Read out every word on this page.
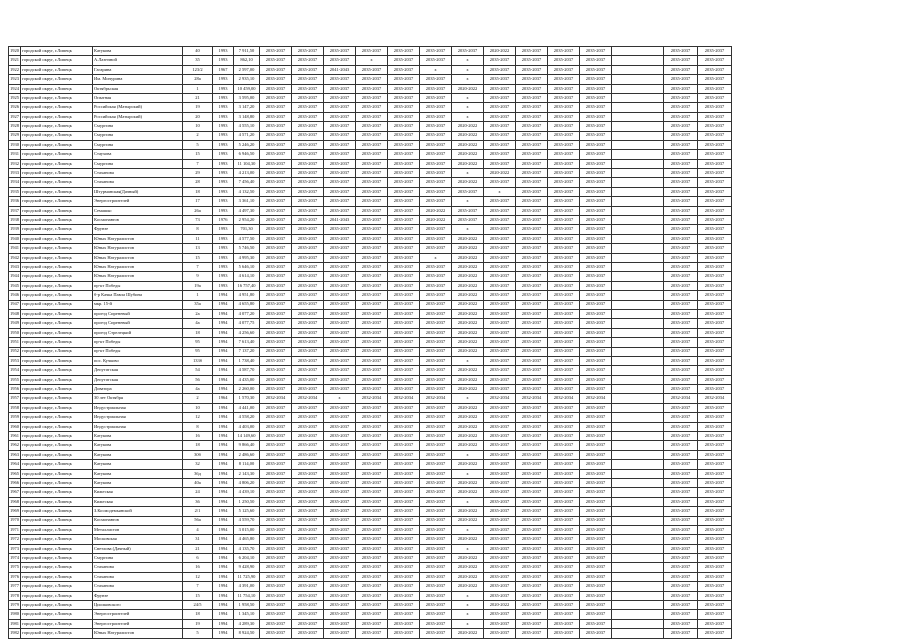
1920	городской округ, г.Липецк	Катукова	40	1993	7 911,50	2035-2037	2035-2037	2035-2037	2035-2037	2035-2037	2035-2037	2035-2037	2020-2022	2035-2037	2035-2037	2035-2037		2035-2037	2035-2037
1921	городской округ, г.Липецк	А.Лазнчной	35	1993	862,10	2035-2037	2035-2037	2035-2037	х	2035-2037	2035-2037	х	2035-2037	2035-2037	2035-2037	2035-2037		2035-2037	2035-2037
1922	городской округ, г.Липецк	Гагарина	123/2	1967	2 597,00	2035-2037	2035-2037	2041-2043	2035-2037	2035-2037	х	х	2035-2037	2035-2037	2035-2037	2035-2037		2035-2037	2035-2037
1923	городской округ, г.Липецк	Им. Мичурина	28а	1993	2 935,10	2035-2037	2035-2037	2035-2037	2035-2037	2035-2037	2035-2037	х	2035-2037	2035-2037	2035-2037	2035-2037		2035-2037	2035-2037
1924	городской округ, г.Липецк	Октябрьская	1	1993	10 459,00	2035-2037	2035-2037	2035-2037	2035-2037	2035-2037	2035-2037	2020-2022	2035-2037	2035-2037	2035-2037	2035-2037		2035-2037	2035-2037
1925	городской округ, г.Липецк	Опытная	21	1993	3 595,00	2035-2037	2035-2037	2035-2037	2035-2037	2035-2037	2035-2037	х	2035-2037	2035-2037	2035-2037	2035-2037		2035-2037	2035-2037
1926	городской округ, г.Липецк	Российская (Матырский)	19	1993	3 147,20	2035-2037	2035-2037	2035-2037	2035-2037	2035-2037	2035-2037	х	2035-2037	2035-2037	2035-2037	2035-2037		2035-2037	2035-2037
1927	городской округ, г.Липецк	Российская (Матырский)	20	1993	3 148,80	2035-2037	2035-2037	2035-2037	2035-2037	2035-2037	2035-2037	х	2035-2037	2035-2037	2035-2037	2035-2037		2035-2037	2035-2037
1928	городской округ, г.Липецк	Смургина	10	1993	4 555,10	2035-2037	2035-2037	2035-2037	2035-2037	2035-2037	2035-2037	2020-2022	2035-2037	2035-2037	2035-2037	2035-2037		2035-2037	2035-2037
1929	городской округ, г.Липецк	Смургина	2	1993	4 571,20	2035-2037	2035-2037	2035-2037	2035-2037	2035-2037	2035-2037	2020-2022	2035-2037	2035-2037	2035-2037	2035-2037		2035-2037	2035-2037
1930	городской округ, г.Липецк	Смургина	5	1993	5 246,20	2035-2037	2035-2037	2035-2037	2035-2037	2035-2037	2035-2037	2020-2022	2035-2037	2035-2037	2035-2037	2035-2037		2035-2037	2035-2037
1931	городской округ, г.Липецк	Стаухова	15	1993	6 946,50	2035-2037	2035-2037	2035-2037	2035-2037	2035-2037	2035-2037	2020-2022	2035-2037	2035-2037	2035-2037	2035-2037		2035-2037	2035-2037
1932	городской округ, г.Липецк	Смургина	7	1993	11 104,30	2035-2037	2035-2037	2035-2037	2035-2037	2035-2037	2035-2037	2020-2022	2035-2037	2035-2037	2035-2037	2035-2037		2035-2037	2035-2037
1933	городской округ, г.Липецк	Стаханова	29	1993	4 213,00	2035-2037	2035-2037	2035-2037	2035-2037	2035-2037	2035-2037	х	2020-2022	2035-2037	2035-2037	2035-2037		2035-2037	2035-2037
1934	городской округ, г.Липецк	Стаханова	28	1993	7 456,40	2035-2037	2035-2037	2035-2037	2035-2037	2035-2037	2035-2037	2020-2022	2035-2037	2035-2037	2035-2037	2035-2037		2035-2037	2035-2037
1935	городской округ, г.Липецк	Штурманская(Дачный)	18	1993	4 132,50	2035-2037	2035-2037	2035-2037	2035-2037	2035-2037	2035-2037	2035-2037	х	2035-2037	2035-2037	2035-2037		2035-2037	2035-2037
1936	городской округ, г.Липецк	Энергостроителей	17	1993	3 361,10	2035-2037	2035-2037	2035-2037	2035-2037	2035-2037	2035-2037	х	2035-2037	2035-2037	2035-2037	2035-2037		2035-2037	2035-2037
1937	городской округ, г.Липецк	Семашко	26а	1993	4 497,30	2035-2037	2035-2037	2035-2037	2035-2037	2035-2037	2020-2022	2035-2037	2035-2037	2035-2037	2035-2037	2035-2037		2035-2037	2035-2037
1938	городской округ, г.Липецк	Космонавтов	73	1976	2 954,20	2035-2037	2035-2037	2041-2043	2035-2037	2035-2037	2020-2022	2035-2037	2035-2037	2035-2037	2035-2037	2035-2037		2035-2037	2035-2037
1939	городской округ, г.Липецк	Фрунзе	8	1993	701,30	2035-2037	2035-2037	2035-2037	2035-2037	2035-2037	2035-2037	х	2035-2037	2035-2037	2035-2037	2035-2037		2035-2037	2035-2037
1940	городской округ, г.Липецк	Юных Натуралистов	11	1993	4 577,50	2035-2037	2035-2037	2035-2037	2035-2037	2035-2037	2035-2037	2020-2022	2035-2037	2035-2037	2035-2037	2035-2037		2035-2037	2035-2037
1941	городской округ, г.Липецк	Юных Натуралистов	13	1993	5 746,50	2035-2037	2035-2037	2035-2037	2035-2037	2035-2037	2035-2037	2020-2022	2035-2037	2035-2037	2035-2037	2035-2037		2035-2037	2035-2037
1942	городской округ, г.Липецк	Юных Натуралистов	15	1993	4 995,30	2035-2037	2035-2037	2035-2037	2035-2037	2035-2037	х	2020-2022	2035-2037	2035-2037	2035-2037	2035-2037		2035-2037	2035-2037
1943	городской округ, г.Липецк	Юных Натуралистов	7	1993	5 646,10	2035-2037	2035-2037	2035-2037	2035-2037	2035-2037	2035-2037	2020-2022	2035-2037	2035-2037	2035-2037	2035-2037		2035-2037	2035-2037
1944	городской округ, г.Липецк	Юных Натуралистов	9	1993	4 614,10	2035-2037	2035-2037	2035-2037	2035-2037	2035-2037	2035-2037	2020-2022	2035-2037	2035-2037	2035-2037	2035-2037		2035-2037	2035-2037
1945	городской округ, г.Липецк	пр-кт Победы	19а	1993	16 757,40	2035-2037	2035-2037	2035-2037	2035-2037	2035-2037	2035-2037	2020-2022	2035-2037	2035-2037	2035-2037	2035-2037		2035-2037	2035-2037
1946	городской округ, г.Липецк	б-р Качка Павла Шубина	1	1994	4 951,80	2035-2037	2035-2037	2035-2037	2035-2037	2035-2037	2035-2037	2020-2022	2035-2037	2035-2037	2035-2037	2035-2037		2035-2037	2035-2037
1947	городской округ, г.Липецк	мкр. 15-й	35а	1994	4 655,80	2035-2037	2035-2037	2035-2037	2035-2037	2035-2037	2035-2037	2020-2022	2035-2037	2035-2037	2035-2037	2035-2037		2035-2037	2035-2037
1948	городской округ, г.Липецк	проезд Сиреневый	2а	1994	4 077,20	2035-2037	2035-2037	2035-2037	2035-2037	2035-2037	2035-2037	2020-2022	2035-2037	2035-2037	2035-2037	2035-2037		2035-2037	2035-2037
1949	городской округ, г.Липецк	проезд Сиреневый	4а	1994	4 077,75	2035-2037	2035-2037	2035-2037	2035-2037	2035-2037	2035-2037	2020-2022	2035-2037	2035-2037	2035-2037	2035-2037		2035-2037	2035-2037
1950	городской округ, г.Липецк	проезд Стрелецкий	18	1994	4 256,60	2035-2037	2035-2037	2035-2037	2035-2037	2035-2037	2035-2037	2020-2022	2035-2037	2035-2037	2035-2037	2035-2037		2035-2037	2035-2037
1951	городской округ, г.Липецк	пр-кт Победы	95	1994	7 613,40	2035-2037	2035-2037	2035-2037	2035-2037	2035-2037	2035-2037	2020-2022	2035-2037	2035-2037	2035-2037	2035-2037		2035-2037	2035-2037
1952	городской округ, г.Липецк	пр-кт Победы	95	1994	7 137,20	2035-2037	2035-2037	2035-2037	2035-2037	2035-2037	2035-2037	2020-2022	2035-2037	2035-2037	2035-2037	2035-2037		2035-2037	2035-2037
1953	городской округ, г.Липецк	пос. Кучково	133б	1994	1 738,40	2035-2037	2035-2037	2035-2037	2035-2037	2035-2037	2035-2037	х	2035-2037	2035-2037	2035-2037	2035-2037		2035-2037	2035-2037
1954	городской округ, г.Липецк	Депутатская	54	1994	4 587,70	2035-2037	2035-2037	2035-2037	2035-2037	2035-2037	2035-2037	2020-2022	2035-2037	2035-2037	2035-2037	2035-2037		2035-2037	2035-2037
1955	городской округ, г.Липецк	Депутатская	56	1994	4 435,00	2035-2037	2035-2037	2035-2037	2035-2037	2035-2037	2035-2037	2020-2022	2035-2037	2035-2037	2035-2037	2035-2037		2035-2037	2035-2037
1956	городской округ, г.Липецк	Доватора	4а	1994	2 260,00	2035-2037	2035-2037	2035-2037	2035-2037	2035-2037	2035-2037	2020-2022	2035-2037	2035-2037	2035-2037	2035-2037		2035-2037	2035-2037
1957	городской округ, г.Липецк	30 лет Октября	2	1964	1 570,30	2032-2034	2032-2034	х	2032-2034	2032-2034	2032-2034	х	2032-2034	2032-2034	2032-2034	2032-2034		2032-2034	2032-2034
1958	городской округ, г.Липецк	Индустриальная	10	1994	4 441,00	2035-2037	2035-2037	2035-2037	2035-2037	2035-2037	2035-2037	2020-2022	2035-2037	2035-2037	2035-2037	2035-2037		2035-2037	2035-2037
1959	городской округ, г.Липецк	Индустриальная	12	1994	4 558,20	2035-2037	2035-2037	2035-2037	2035-2037	2035-2037	2035-2037	2020-2022	2035-2037	2035-2037	2035-2037	2035-2037		2035-2037	2035-2037
1960	городской округ, г.Липецк	Индустриальная	8	1994	4 403,00	2035-2037	2035-2037	2035-2037	2035-2037	2035-2037	2035-2037	2020-2022	2035-2037	2035-2037	2035-2037	2035-2037		2035-2037	2035-2037
1961	городской округ, г.Липецк	Катукова	16	1994	14 149,60	2035-2037	2035-2037	2035-2037	2035-2037	2035-2037	2035-2037	2020-2022	2035-2037	2035-2037	2035-2037	2035-2037		2035-2037	2035-2037
1962	городской округ, г.Липецк	Катукова	18	1994	9 866,40	2035-2037	2035-2037	2035-2037	2035-2037	2035-2037	2035-2037	2020-2022	2035-2037	2035-2037	2035-2037	2035-2037		2035-2037	2035-2037
1963	городской округ, г.Липецк	Катукова	30б	1994	2 486,60	2035-2037	2035-2037	2035-2037	2035-2037	2035-2037	2035-2037	х	2035-2037	2035-2037	2035-2037	2035-2037		2035-2037	2035-2037
1964	городской округ, г.Липецк	Катукова	32	1994	8 114,00	2035-2037	2035-2037	2035-2037	2035-2037	2035-2037	2035-2037	2020-2022	2035-2037	2035-2037	2035-2037	2035-2037		2035-2037	2035-2037
1965	городской округ, г.Липецк	Катукова	36д	1994	2 143,30	2035-2037	2035-2037	2035-2037	2035-2037	2035-2037	2035-2037	х	2035-2037	2035-2037	2035-2037	2035-2037		2035-2037	2035-2037
1966	городской округ, г.Липецк	Катукова	40а	1994	4 806,20	2035-2037	2035-2037	2035-2037	2035-2037	2035-2037	2035-2037	2020-2022	2035-2037	2035-2037	2035-2037	2035-2037		2035-2037	2035-2037
1967	городской округ, г.Липецк	Кижеская	24	1994	4 439,10	2035-2037	2035-2037	2035-2037	2035-2037	2035-2037	2035-2037	2020-2022	2035-2037	2035-2037	2035-2037	2035-2037		2035-2037	2035-2037
1968	городской округ, г.Липецк	Кижеская	36	1994	1 250,50	2035-2037	2035-2037	2035-2037	2035-2037	2035-2037	2035-2037	х	2035-2037	2035-2037	2035-2037	2035-2037		2035-2037	2035-2037
1969	городской округ, г.Липецк	З.Космодемьянской	2/1	1994	5 125,60	2035-2037	2035-2037	2035-2037	2035-2037	2035-2037	2035-2037	2020-2022	2035-2037	2035-2037	2035-2037	2035-2037		2035-2037	2035-2037
1970	городской округ, г.Липецк	Космонавтов	56а	1994	4 559,70	2035-2037	2035-2037	2035-2037	2035-2037	2035-2037	2035-2037	2020-2022	2035-2037	2035-2037	2035-2037	2035-2037		2035-2037	2035-2037
1971	городской округ, г.Липецк	Металлистов	4	1994	3 015,00	2035-2037	2035-2037	2035-2037	2035-2037	2035-2037	2035-2037	х	2035-2037	2035-2037	2035-2037	2035-2037		2035-2037	2035-2037
1972	городской округ, г.Липецк	Московская	31	1994	4 465,80	2035-2037	2035-2037	2035-2037	2035-2037	2035-2037	2035-2037	2020-2022	2035-2037	2035-2037	2035-2037	2035-2037		2035-2037	2035-2037
1973	городской округ, г.Липецк	Светлова (Дачный)	21	1994	4 135,70	2035-2037	2035-2037	2035-2037	2035-2037	2035-2037	2035-2037	х	2035-2037	2035-2037	2035-2037	2035-2037		2035-2037	2035-2037
1974	городской округ, г.Липецк	Смургина	6	1994	6 204,10	2035-2037	2035-2037	2035-2037	2035-2037	2035-2037	2035-2037	2020-2022	2035-2037	2035-2037	2035-2037	2035-2037		2035-2037	2035-2037
1975	городской округ, г.Липецк	Стаханова	16	1994	9 428,90	2035-2037	2035-2037	2035-2037	2035-2037	2035-2037	2035-2037	2020-2022	2035-2037	2035-2037	2035-2037	2035-2037		2035-2037	2035-2037
1976	городской округ, г.Липецк	Стаханова	12	1994	11 725,90	2035-2037	2035-2037	2035-2037	2035-2037	2035-2037	2035-2037	2020-2022	2035-2037	2035-2037	2035-2037	2035-2037		2035-2037	2035-2037
1977	городской округ, г.Липецк	Стаханова	7	1994	4 391,00	2035-2037	2035-2037	2035-2037	2035-2037	2035-2037	2035-2037	2020-2022	2035-2037	2035-2037	2035-2037	2035-2037		2035-2037	2035-2037
1978	городской округ, г.Липецк	Фрунзе	15	1994	11 754,10	2035-2037	2035-2037	2035-2037	2035-2037	2035-2037	2035-2037	х	2035-2037	2035-2037	2035-2037	2035-2037		2035-2037	2035-2037
1979	городской округ, г.Липецк	Циолковского	24/5	1994	1 958,50	2035-2037	2035-2037	2035-2037	2035-2037	2035-2037	2035-2037	х	2020-2022	2035-2037	2035-2037	2035-2037		2035-2037	2035-2037
1980	городской округ, г.Липецк	Энергостроителей	18	1994	1 345,10	2035-2037	2035-2037	2035-2037	2035-2037	2035-2037	2035-2037	х	2035-2037	2035-2037	2035-2037	2035-2037		2035-2037	2035-2037
1981	городской округ, г.Липецк	Энергостроителей	19	1994	4 289,30	2035-2037	2035-2037	2035-2037	2035-2037	2035-2037	2035-2037	х	2035-2037	2035-2037	2035-2037	2035-2037		2035-2037	2035-2037
1982	городской округ, г.Липецк	Юных Натуралистов	5	1994	8 924,50	2035-2037	2035-2037	2035-2037	2035-2037	2035-2037	2035-2037	2020-2022	2035-2037	2035-2037	2035-2037	2035-2037		2035-2037	2035-2037
